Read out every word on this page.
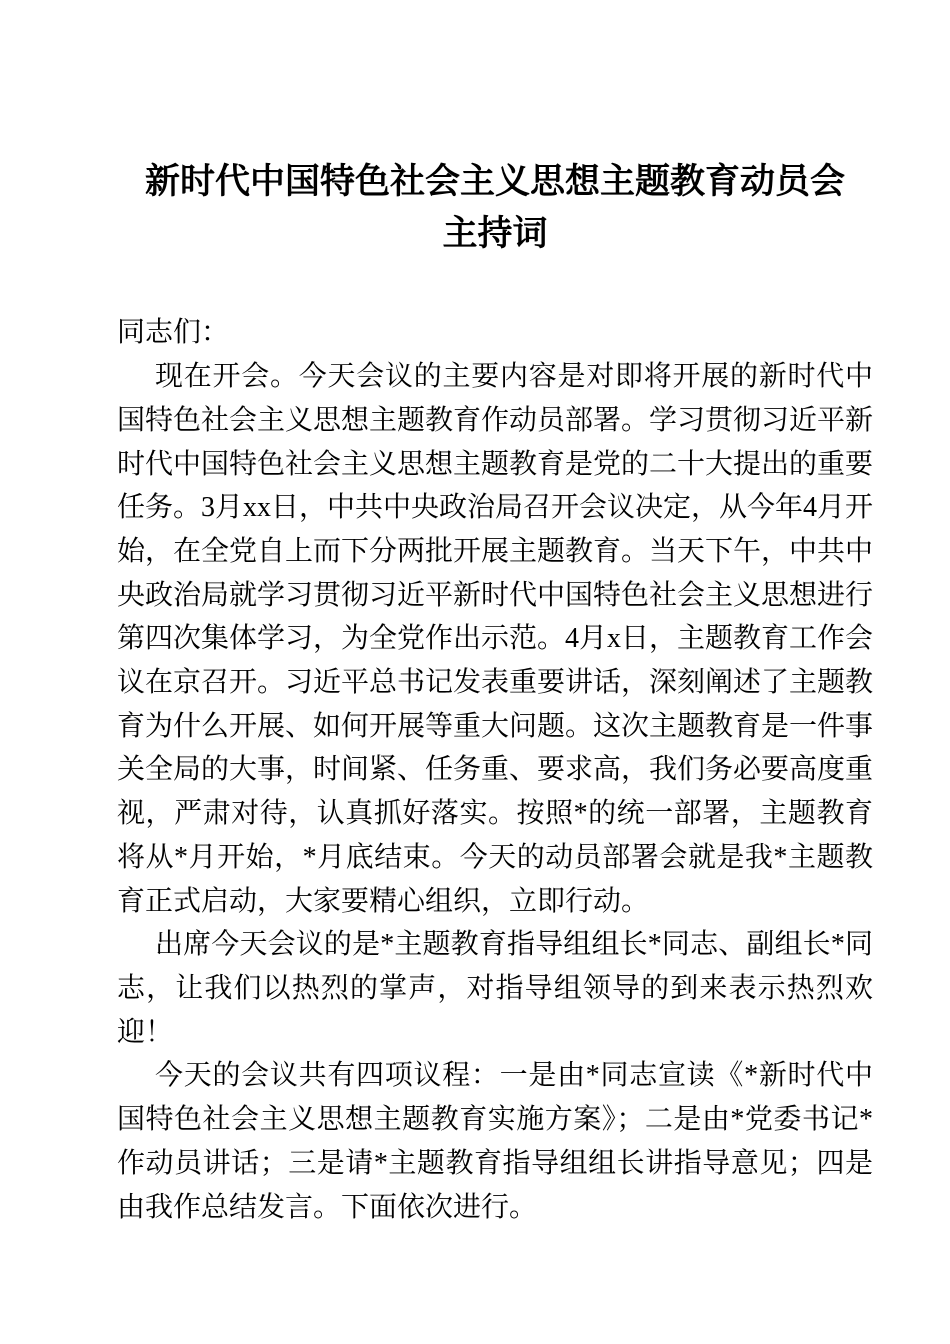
新时代中国特色社会主义思想主题教育动员会
主持词

同志们：

现在开会。今天会议的主要内容是对即将开展的新时代中国特色社会主义思想主题教育作动员部署。学习贯彻习近平新时代中国特色社会主义思想主题教育是党的二十大提出的重要任务。3月xx日，中共中央政治局召开会议决定，从今年4月开始，在全党自上而下分两批开展主题教育。当天下午，中共中央政治局就学习贯彻习近平新时代中国特色社会主义思想进行第四次集体学习，为全党作出示范。4月x日，主题教育工作会议在京召开。习近平总书记发表重要讲话，深刻阐述了主题教育为什么开展、如何开展等重大问题。这次主题教育是一件事关全局的大事，时间紧、任务重、要求高，我们务必要高度重视，严肃对待，认真抓好落实。按照*的统一部署，主题教育将从*月开始，*月底结束。今天的动员部署会就是我*主题教育正式启动，大家要精心组织，立即行动。

出席今天会议的是*主题教育指导组组长*同志、副组长*同志，让我们以热烈的掌声，对指导组领导的到来表示热烈欢迎！

今天的会议共有四项议程：一是由*同志宣读《*新时代中国特色社会主义思想主题教育实施方案》；二是由*党委书记*作动员讲话；三是请*主题教育指导组组长讲指导意见；四是由我作总结发言。下面依次进行。
